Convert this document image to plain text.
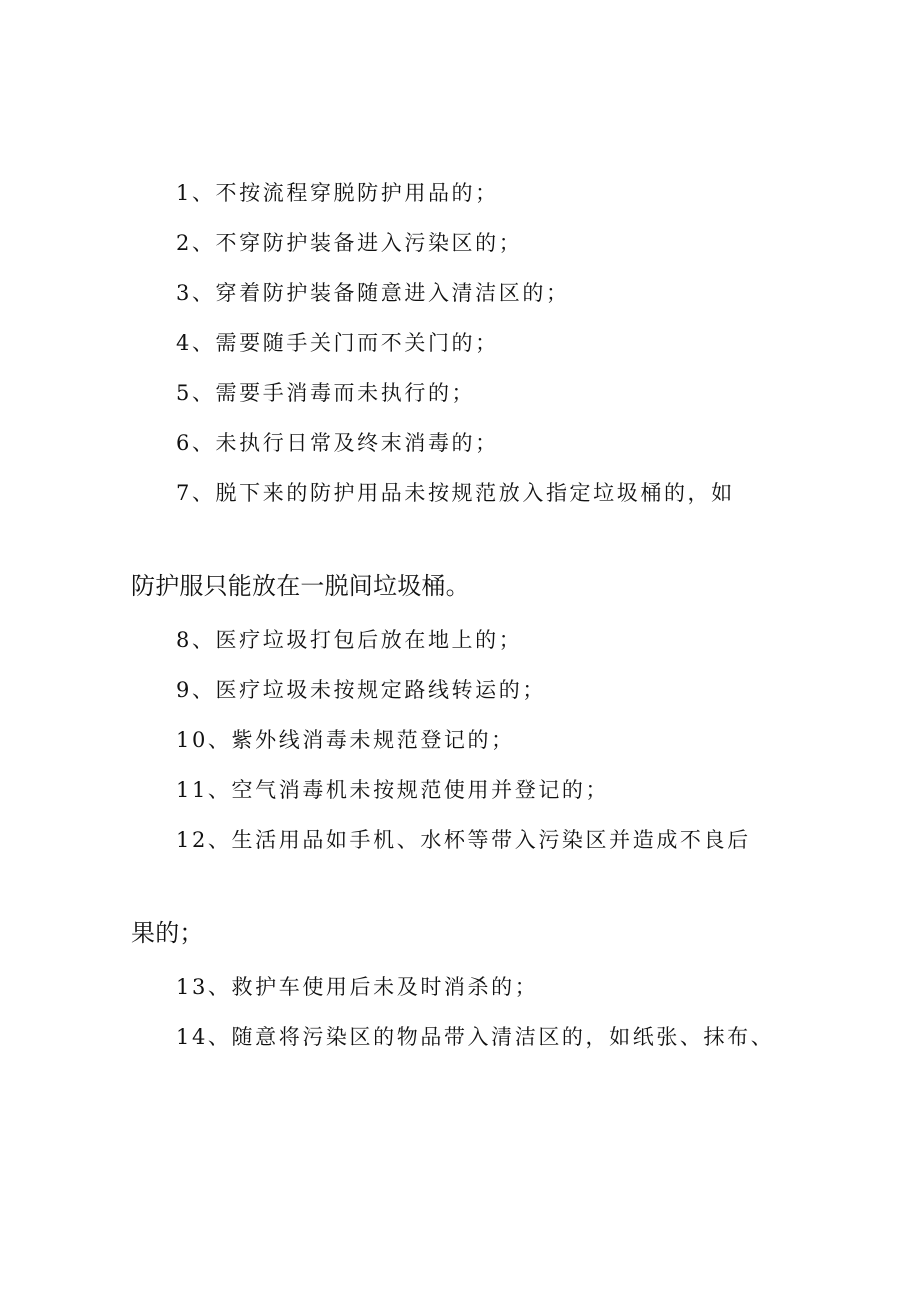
1、不按流程穿脱防护用品的；
2、不穿防护装备进入污染区的；
3、穿着防护装备随意进入清洁区的；
4、需要随手关门而不关门的；
5、需要手消毒而未执行的；
6、未执行日常及终末消毒的；
7、脱下来的防护用品未按规范放入指定垃圾桶的，如
防护服只能放在一脱间垃圾桶。
8、医疗垃圾打包后放在地上的；
9、医疗垃圾未按规定路线转运的；
10、紫外线消毒未规范登记的；
11、空气消毒机未按规范使用并登记的；
12、生活用品如手机、水杯等带入污染区并造成不良后
果的；
13、救护车使用后未及时消杀的；
14、随意将污染区的物品带入清洁区的，如纸张、抹布、
